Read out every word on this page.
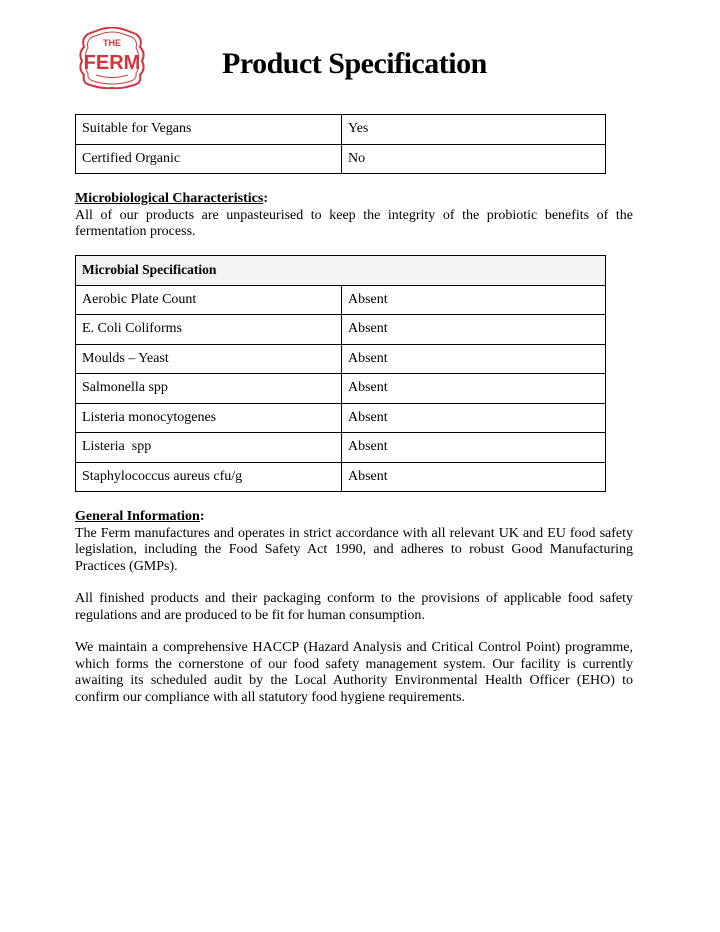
THE
FERM	Product Specification
Suitable for Vegans	Yes
Certified Organic	No

Microbiological Characteristics:
All of our products are unpasteurised to keep the integrity of the probiotic benefits of the fermentation process.

Microbial Specification	
Aerobic Plate Count	Absent
E. Coli Coliforms	Absent
Moulds – Yeast	Absent
Salmonella spp	Absent
Listeria monocytogenes	Absent
Listeria  spp	Absent
Staphylococcus aureus cfu/g	Absent

General Information:
The Ferm manufactures and operates in strict accordance with all relevant UK and EU food safety legislation, including the Food Safety Act 1990, and adheres to robust Good Manufacturing Practices (GMPs).

All finished products and their packaging conform to the provisions of applicable food safety regulations and are produced to be fit for human consumption.

We maintain a comprehensive HACCP (Hazard Analysis and Critical Control Point) programme, which forms the cornerstone of our food safety management system. Our facility is currently awaiting its scheduled audit by the Local Authority Environmental Health Officer (EHO) to confirm our compliance with all statutory food hygiene requirements.
